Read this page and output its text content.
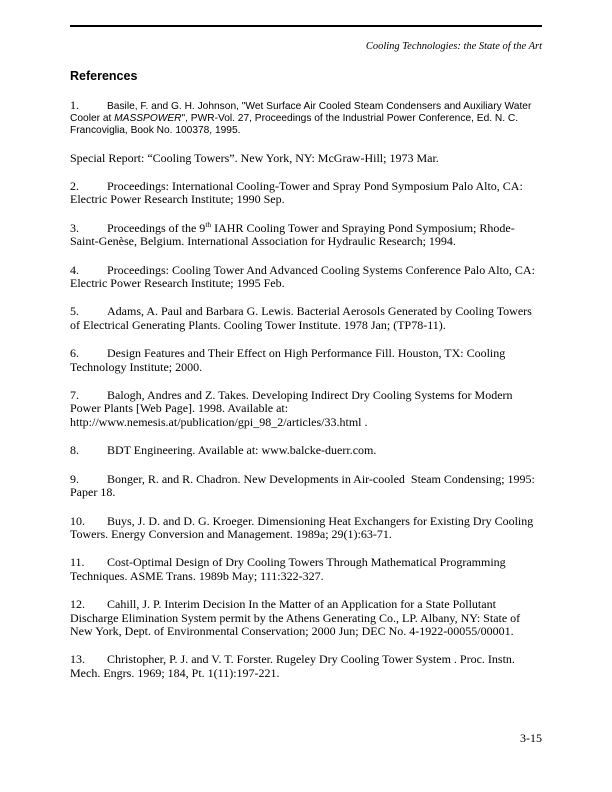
Cooling Technologies: the State of the Art
References

1.	Basile, F. and G. H. Johnson, "Wet Surface Air Cooled Steam Condensers and Auxiliary Water Cooler at MASSPOWER", PWR-Vol. 27, Proceedings of the Industrial Power Conference, Ed. N. C. Francoviglia, Book No. 100378, 1995.

Special Report: “Cooling Towers”. New York, NY: McGraw-Hill; 1973 Mar.

2. Proceedings: International Cooling-Tower and Spray Pond Symposium Palo Alto, CA: Electric Power Research Institute; 1990 Sep.

3. Proceedings of the 9th IAHR Cooling Tower and Spraying Pond Symposium; Rhode-Saint-Genèse, Belgium. International Association for Hydraulic Research; 1994.

4. Proceedings: Cooling Tower And Advanced Cooling Systems Conference Palo Alto, CA: Electric Power Research Institute; 1995 Feb.

5. Adams, A. Paul and Barbara G. Lewis. Bacterial Aerosols Generated by Cooling Towers of Electrical Generating Plants. Cooling Tower Institute. 1978 Jan; (TP78-11).

6. Design Features and Their Effect on High Performance Fill. Houston, TX: Cooling Technology Institute; 2000.

7. Balogh, Andres and Z. Takes. Developing Indirect Dry Cooling Systems for Modern Power Plants [Web Page]. 1998. Available at: http://www.nemesis.at/publication/gpi_98_2/articles/33.html .

8. BDT Engineering. Available at: www.balcke-duerr.com.

9. Bonger, R. and R. Chadron. New Developments in Air-cooled  Steam Condensing; 1995: Paper 18.

10. Buys, J. D. and D. G. Kroeger. Dimensioning Heat Exchangers for Existing Dry Cooling Towers. Energy Conversion and Management. 1989a; 29(1):63-71.

11. Cost-Optimal Design of Dry Cooling Towers Through Mathematical Programming Techniques. ASME Trans. 1989b May; 111:322-327.

12. Cahill, J. P. Interim Decision In the Matter of an Application for a State Pollutant Discharge Elimination System permit by the Athens Generating Co., LP. Albany, NY: State of New York, Dept. of Environmental Conservation; 2000 Jun; DEC No. 4-1922-00055/00001.

13. Christopher, P. J. and V. T. Forster. Rugeley Dry Cooling Tower System . Proc. Instn. Mech. Engrs. 1969; 184, Pt. 1(11):197-221.

3-15
